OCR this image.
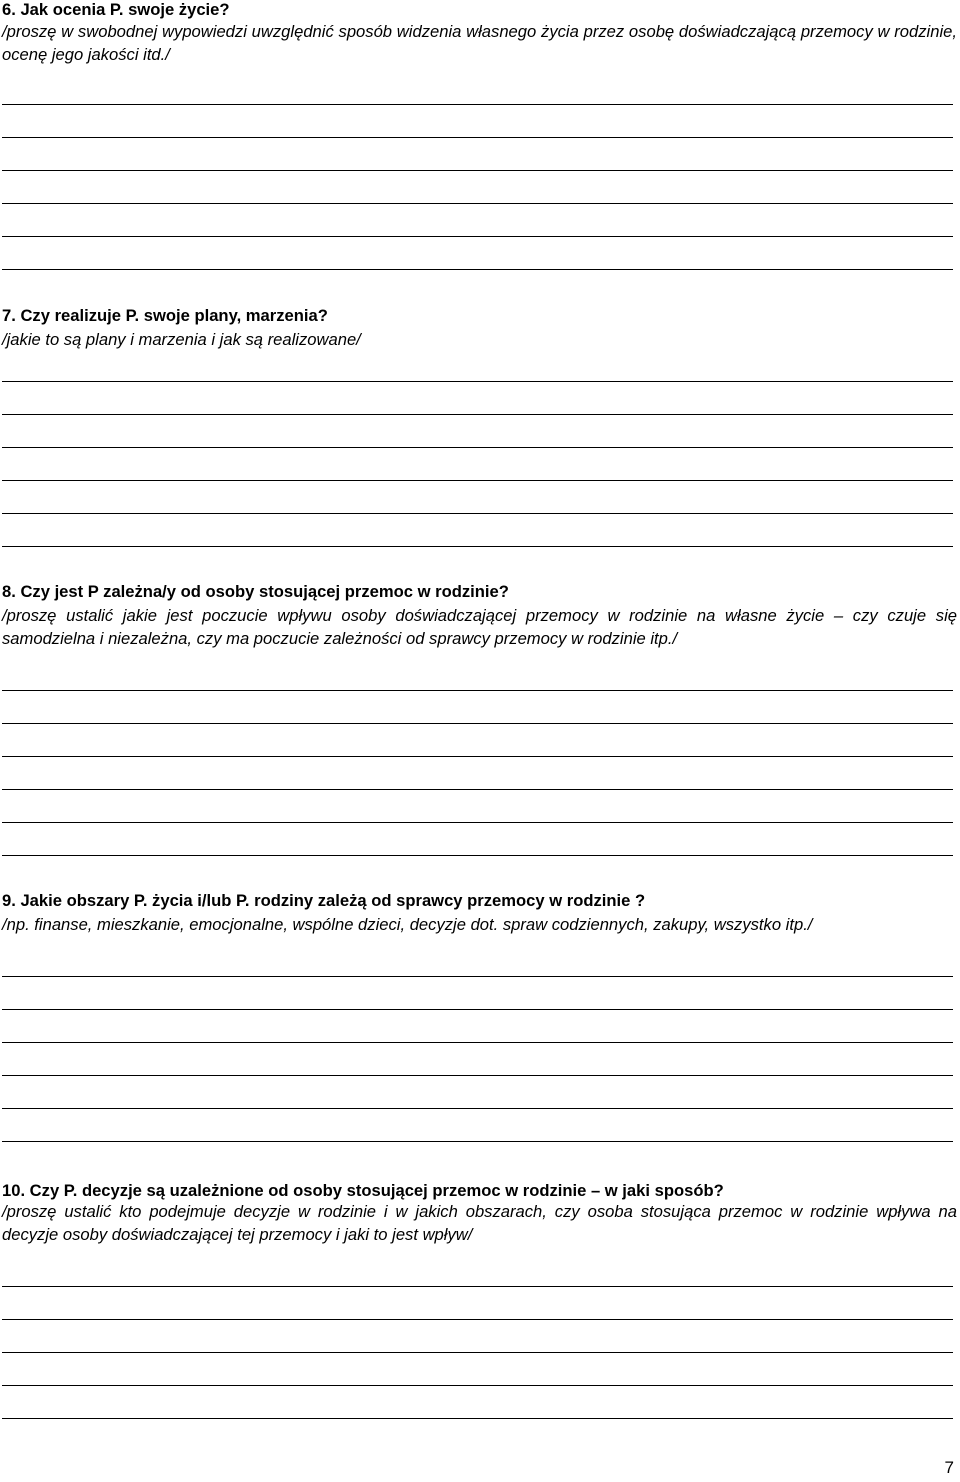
6. Jak ocenia P. swoje życie?
/proszę w swobodnej wypowiedzi uwzględnić sposób widzenia własnego życia przez osobę doświadczającą przemocy w rodzinie, ocenę jego jakości itd./
7. Czy realizuje P. swoje plany, marzenia?
/jakie to są plany i marzenia i jak są realizowane/
8. Czy jest P zależna/y od osoby stosującej przemoc w rodzinie?
/proszę ustalić jakie jest poczucie wpływu osoby doświadczającej przemocy w rodzinie na własne życie – czy czuje się samodzielna i niezależna, czy ma poczucie zależności od sprawcy przemocy w rodzinie itp./
9. Jakie obszary P. życia i/lub P. rodziny zależą od sprawcy przemocy w rodzinie ?
/np. finanse, mieszkanie, emocjonalne, wspólne dzieci, decyzje dot. spraw codziennych, zakupy, wszystko itp./
10. Czy P. decyzje są uzależnione od osoby stosującej przemoc w rodzinie – w jaki sposób?
/proszę ustalić kto podejmuje decyzje w rodzinie i w jakich obszarach, czy osoba stosująca przemoc w rodzinie wpływa na decyzje osoby doświadczającej tej przemocy i jaki to jest wpływ/
7
